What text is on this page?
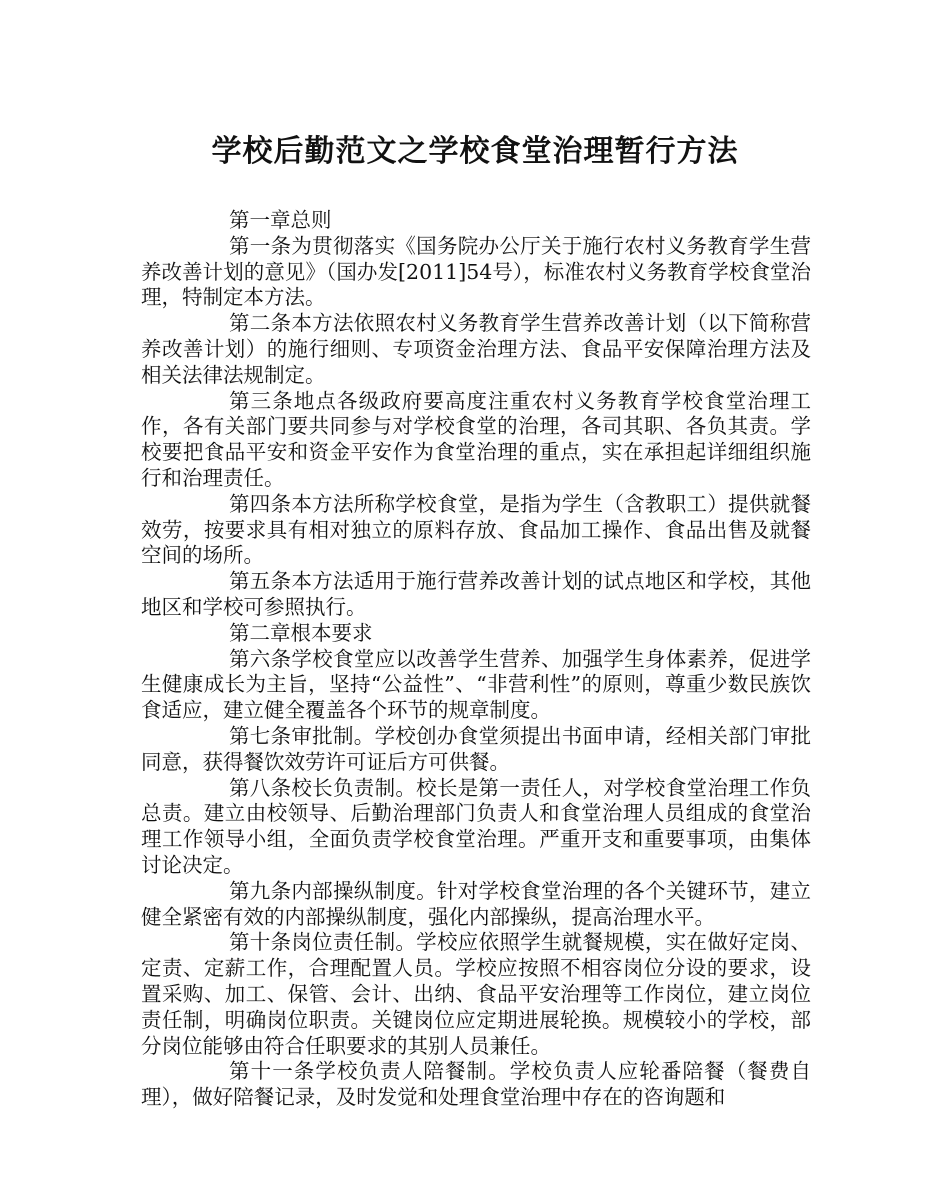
学校后勤范文之学校食堂治理暂行方法

第一章总则

第一条为贯彻落实《国务院办公厅关于施行农村义务教育学生营养改善计划的意见》（国办发[2011]54号），标准农村义务教育学校食堂治理，特制定本方法。

第二条本方法依照农村义务教育学生营养改善计划（以下简称营养改善计划）的施行细则、专项资金治理方法、食品平安保障治理方法及相关法律法规制定。

第三条地点各级政府要高度注重农村义务教育学校食堂治理工作，各有关部门要共同参与对学校食堂的治理，各司其职、各负其责。学校要把食品平安和资金平安作为食堂治理的重点，实在承担起详细组织施行和治理责任。

第四条本方法所称学校食堂，是指为学生（含教职工）提供就餐效劳，按要求具有相对独立的原料存放、食品加工操作、食品出售及就餐空间的场所。

第五条本方法适用于施行营养改善计划的试点地区和学校，其他地区和学校可参照执行。

第二章根本要求

第六条学校食堂应以改善学生营养、加强学生身体素养，促进学生健康成长为主旨，坚持“公益性”、“非营利性”的原则，尊重少数民族饮食适应，建立健全覆盖各个环节的规章制度。

第七条审批制。学校创办食堂须提出书面申请，经相关部门审批同意，获得餐饮效劳许可证后方可供餐。

第八条校长负责制。校长是第一责任人，对学校食堂治理工作负总责。建立由校领导、后勤治理部门负责人和食堂治理人员组成的食堂治理工作领导小组，全面负责学校食堂治理。严重开支和重要事项，由集体讨论决定。

第九条内部操纵制度。针对学校食堂治理的各个关键环节，建立健全紧密有效的内部操纵制度，强化内部操纵，提高治理水平。

第十条岗位责任制。学校应依照学生就餐规模，实在做好定岗、定责、定薪工作，合理配置人员。学校应按照不相容岗位分设的要求，设置采购、加工、保管、会计、出纳、食品平安治理等工作岗位，建立岗位责任制，明确岗位职责。关键岗位应定期进展轮换。规模较小的学校，部分岗位能够由符合任职要求的其别人员兼任。

第十一条学校负责人陪餐制。学校负责人应轮番陪餐（餐费自理），做好陪餐记录，及时发觉和处理食堂治理中存在的咨询题和
